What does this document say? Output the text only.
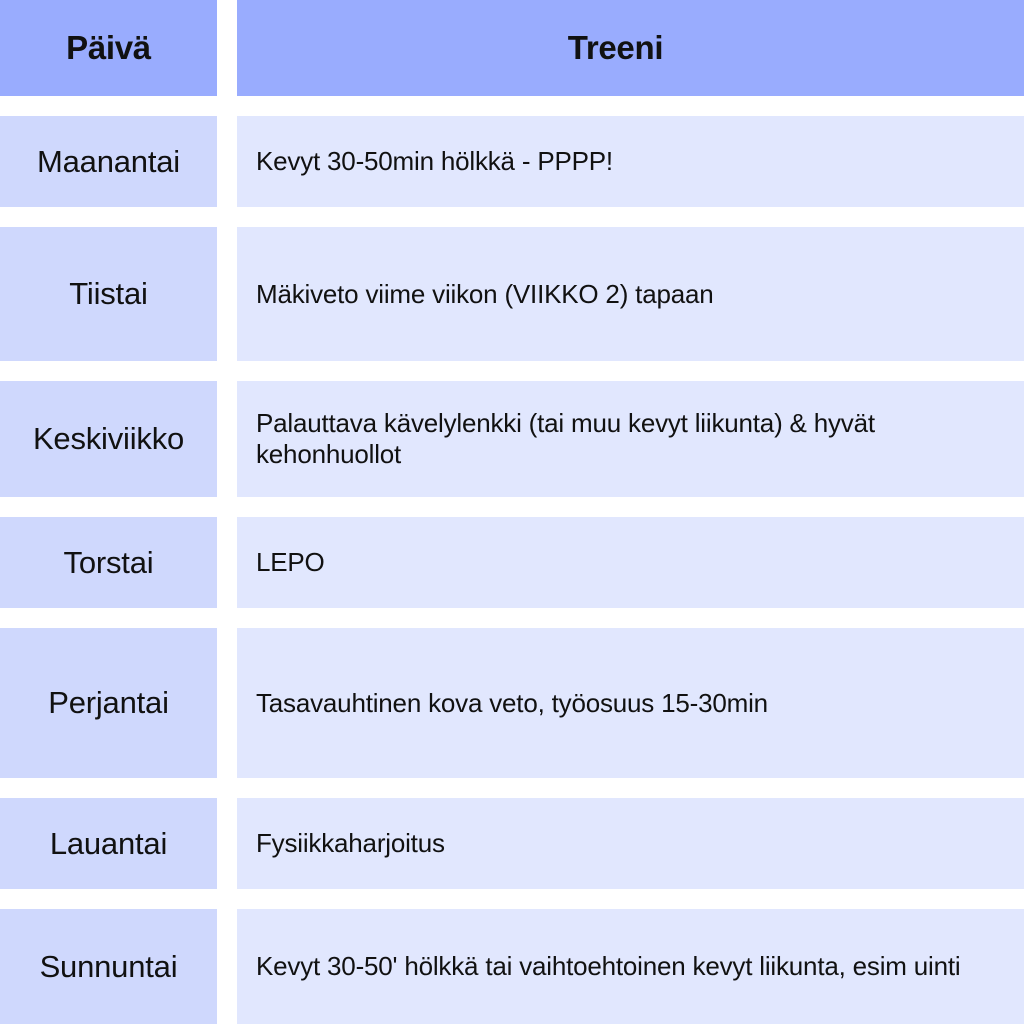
Päivä	Treeni
Maanantai	Kevyt 30-50min hölkkä - PPPP!
Tiistai	Mäkiveto viime viikon (VIIKKO 2) tapaan
Keskiviikko	Palauttava kävelylenkki (tai muu kevyt liikunta) & hyvät kehonhuollot
Torstai	LEPO
Perjantai	Tasavauhtinen kova veto, työosuus 15-30min
Lauantai	Fysiikkaharjoitus
Sunnuntai	Kevyt 30-50' hölkkä tai vaihtoehtoinen kevyt liikunta, esim uinti
